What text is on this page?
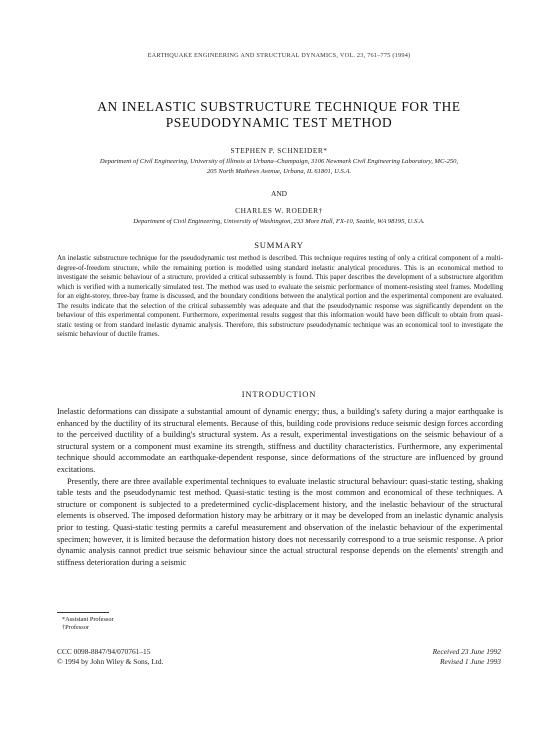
EARTHQUAKE ENGINEERING AND STRUCTURAL DYNAMICS, VOL. 23, 761–775 (1994)
AN INELASTIC SUBSTRUCTURE TECHNIQUE FOR THE
PSEUDODYNAMIC TEST METHOD
STEPHEN P. SCHNEIDER*
Department of Civil Engineering, University of Illinois at Urbana–Champaign, 3106 Newmark Civil Engineering Laboratory, MC-250,
205 North Mathews Avenue, Urbana, IL 61801, U.S.A.
AND
CHARLES W. ROEDER†
Department of Civil Engineering, University of Washington, 233 More Hall, FX-10, Seattle, WA 98195, U.S.A.
SUMMARY

An inelastic substructure technique for the pseudodynamic test method is described. This technique requires testing of only a critical component of a multi-degree-of-freedom structure, while the remaining portion is modelled using standard inelastic analytical procedures. This is an economical method to investigate the seismic behaviour of a structure, provided a critical subassembly is found. This paper describes the development of a substructure algorithm which is verified with a numerically simulated test. The method was used to evaluate the seismic performance of moment-resisting steel frames. Modelling for an eight-storey, three-bay frame is discussed, and the boundary conditions between the analytical portion and the experimental component are evaluated. The results indicate that the selection of the critical subassembly was adequate and that the pseudodynamic response was significantly dependent on the behaviour of this experimental component. Furthermore, experimental results suggest that this information would have been difficult to obtain from quasi-static testing or from standard inelastic dynamic analysis. Therefore, this substructure pseudodynamic technique was an economical tool to investigate the seismic behaviour of ductile frames.

INTRODUCTION

Inelastic deformations can dissipate a substantial amount of dynamic energy; thus, a building's safety during a major earthquake is enhanced by the ductility of its structural elements. Because of this, building code provisions reduce seismic design forces according to the perceived ductility of a building's structural system. As a result, experimental investigations on the seismic behaviour of a structural system or a component must examine its strength, stiffness and ductility characteristics. Furthermore, any experimental technique should accommodate an earthquake-dependent response, since deformations of the structure are influenced by ground excitations.

Presently, there are three available experimental techniques to evaluate inelastic structural behaviour: quasi-static testing, shaking table tests and the pseudodynamic test method. Quasi-static testing is the most common and economical of these techniques. A structure or component is subjected to a predetermined cyclic-displacement history, and the inelastic behaviour of the structural elements is observed. The imposed deformation history may be arbitrary or it may be developed from an inelastic dynamic analysis prior to testing. Quasi-static testing permits a careful measurement and observation of the inelastic behaviour of the experimental specimen; however, it is limited because the deformation history does not necessarily correspond to a true seismic response. A prior dynamic analysis cannot predict true seismic behaviour since the actual structural response depends on the elements' strength and stiffness deterioration during a seismic

*Assistant Professor
†Professor
CCC 0098-8847/94/070761–15
© 1994 by John Wiley & Sons, Ltd.
Received 23 June 1992
Revised 1 June 1993
